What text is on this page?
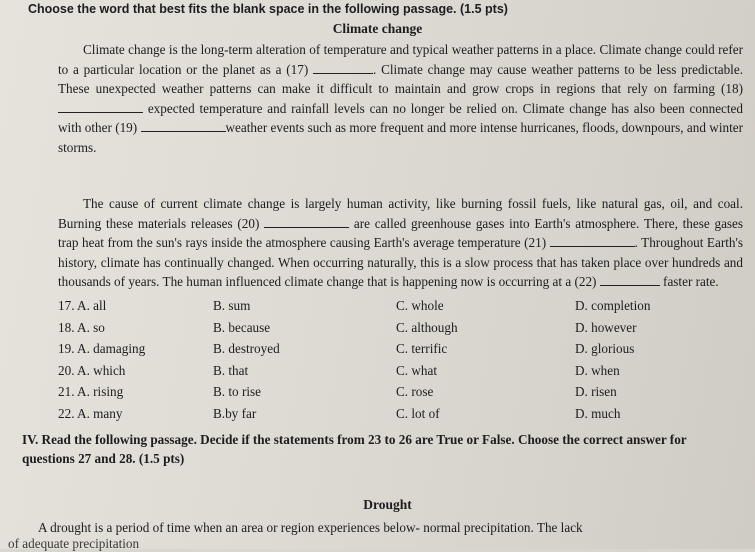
Choose the word that best fits the blank space in the following passage. (1.5 pts)
Climate change
Climate change is the long-term alteration of temperature and typical weather patterns in a place. Climate change could refer to a particular location or the planet as a (17)	. Climate change may cause weather patterns to be less predictable. These unexpected weather patterns can make it difficult to maintain and grow crops in regions that rely on farming (18)  expected temperature and rainfall levels can no longer be relied on. Climate change has also been connected with other (19)	weather events such as more frequent and more intense hurricanes, floods, downpours, and winter storms.
The cause of current climate change is largely human activity, like burning fossil fuels, like natural gas, oil, and coal. Burning these materials releases (20)	are called greenhouse gases into Earth's atmosphere. There, these gases trap heat from the sun's rays inside the atmosphere causing Earth's average temperature (21)	. Throughout Earth's history, climate has continually changed. When occurring naturally, this is a slow process that has taken place over hundreds and thousands of years. The human influenced climate change that is happening now is occurring at a (22)	faster rate.
17. A. all	B. sum	C. whole	D. completion
18. A. so	B. because	C. although	D. however
19. A. damaging	B. destroyed	C. terrific	D. glorious
20. A. which	B. that	C. what	D. when
21. A. rising	B. to rise	C. rose	D. risen
22. A. many	B.by far	C. lot of	D. much
IV. Read the following passage. Decide if the statements from 23 to 26 are True or False. Choose the correct answer for questions 27 and 28. (1.5 pts)
Drought
A drought is a period of time when an area or region experiences below- normal precipitation. The lack
of adequate precipitation
